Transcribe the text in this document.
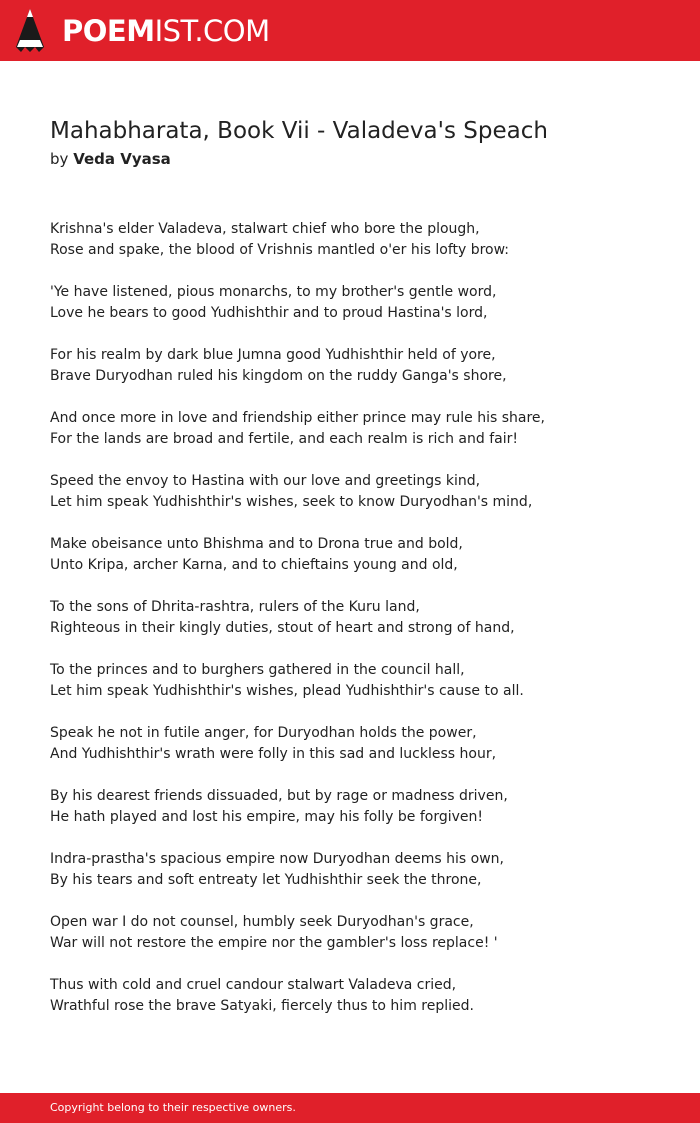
POEMIST.COM
Mahabharata, Book Vii - Valadeva's Speach
by Veda Vyasa

Krishna's elder Valadeva, stalwart chief who bore the plough,
Rose and spake, the blood of Vrishnis mantled o'er his lofty brow:

'Ye have listened, pious monarchs, to my brother's gentle word,
Love he bears to good Yudhishthir and to proud Hastina's lord,

For his realm by dark blue Jumna good Yudhishthir held of yore,
Brave Duryodhan ruled his kingdom on the ruddy Ganga's shore,

And once more in love and friendship either prince may rule his share,
For the lands are broad and fertile, and each realm is rich and fair!

Speed the envoy to Hastina with our love and greetings kind,
Let him speak Yudhishthir's wishes, seek to know Duryodhan's mind,

Make obeisance unto Bhishma and to Drona true and bold,
Unto Kripa, archer Karna, and to chieftains young and old,

To the sons of Dhrita-rashtra, rulers of the Kuru land,
Righteous in their kingly duties, stout of heart and strong of hand,

To the princes and to burghers gathered in the council hall,
Let him speak Yudhishthir's wishes, plead Yudhishthir's cause to all.

Speak he not in futile anger, for Duryodhan holds the power,
And Yudhishthir's wrath were folly in this sad and luckless hour,

By his dearest friends dissuaded, but by rage or madness driven,
He hath played and lost his empire, may his folly be forgiven!

Indra-prastha's spacious empire now Duryodhan deems his own,
By his tears and soft entreaty let Yudhishthir seek the throne,

Open war I do not counsel, humbly seek Duryodhan's grace,
War will not restore the empire nor the gambler's loss replace! '

Thus with cold and cruel candour stalwart Valadeva cried,
Wrathful rose the brave Satyaki, fiercely thus to him replied.

Copyright belong to their respective owners.
